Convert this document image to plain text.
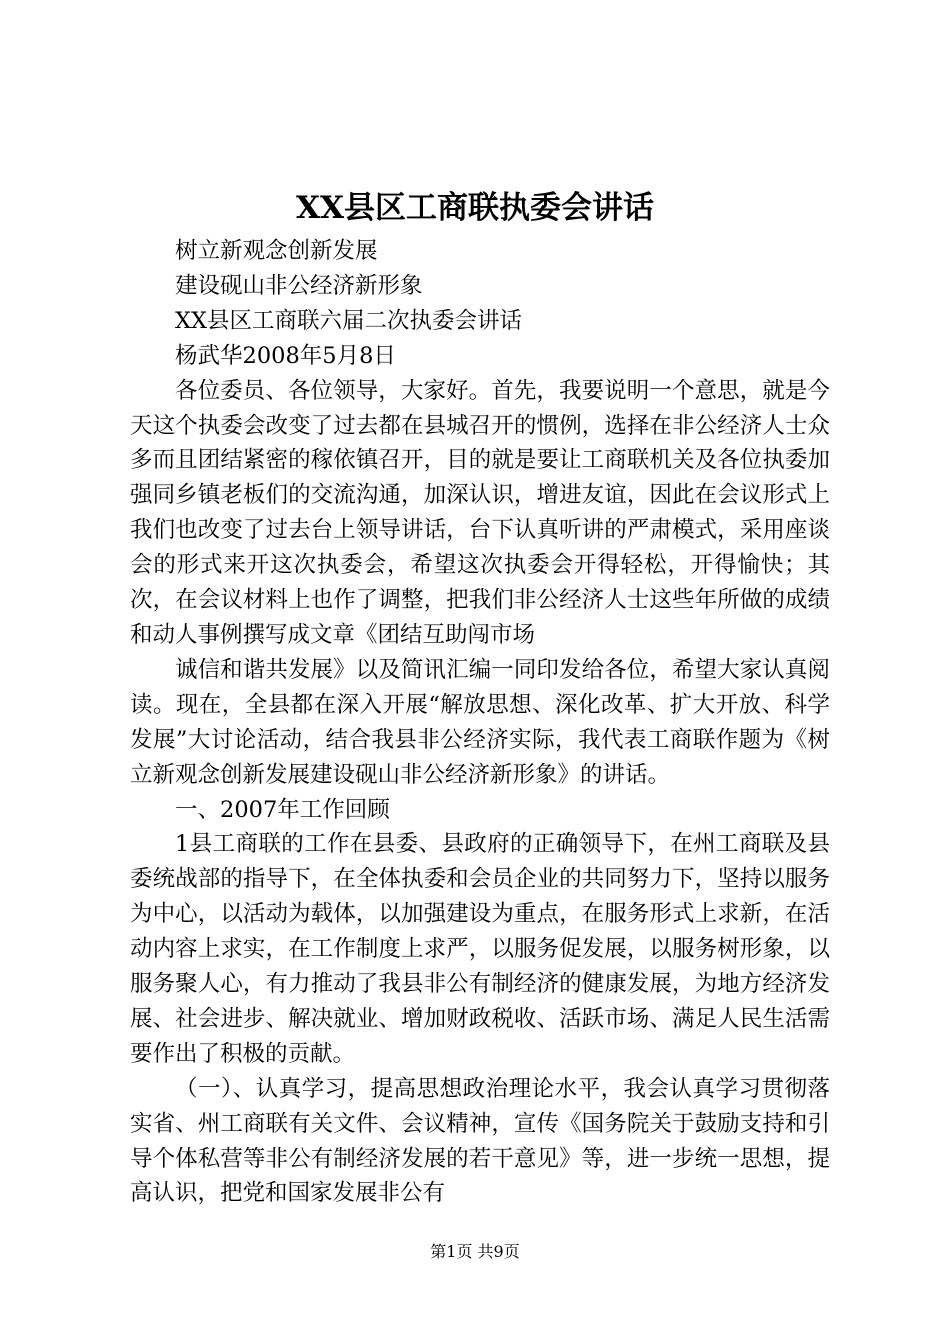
XX县区工商联执委会讲话

树立新观念创新发展

建设砚山非公经济新形象

XX县区工商联六届二次执委会讲话

杨武华2008年5月8日

各位委员、各位领导，大家好。首先，我要说明一个意思，就是今天这个执委会改变了过去都在县城召开的惯例，选择在非公经济人士众多而且团结紧密的稼依镇召开，目的就是要让工商联机关及各位执委加强同乡镇老板们的交流沟通，加深认识，增进友谊，因此在会议形式上我们也改变了过去台上领导讲话，台下认真听讲的严肃模式，采用座谈会的形式来开这次执委会，希望这次执委会开得轻松，开得愉快；其次，在会议材料上也作了调整，把我们非公经济人士这些年所做的成绩和动人事例撰写成文章《团结互助闯市场

诚信和谐共发展》以及简讯汇编一同印发给各位，希望大家认真阅读。现在，全县都在深入开展“解放思想、深化改革、扩大开放、科学发展”大讨论活动，结合我县非公经济实际，我代表工商联作题为《树立新观念创新发展建设砚山非公经济新形象》的讲话。

一、2007年工作回顾

1县工商联的工作在县委、县政府的正确领导下，在州工商联及县委统战部的指导下，在全体执委和会员企业的共同努力下，坚持以服务为中心，以活动为载体，以加强建设为重点，在服务形式上求新，在活动内容上求实，在工作制度上求严，以服务促发展，以服务树形象，以服务聚人心，有力推动了我县非公有制经济的健康发展，为地方经济发展、社会进步、解决就业、增加财政税收、活跃市场、满足人民生活需要作出了积极的贡献。

（一）、认真学习，提高思想政治理论水平，我会认真学习贯彻落实省、州工商联有关文件、会议精神，宣传《国务院关于鼓励支持和引导个体私营等非公有制经济发展的若干意见》等，进一步统一思想，提高认识，把党和国家发展非公有

第1页 共9页
